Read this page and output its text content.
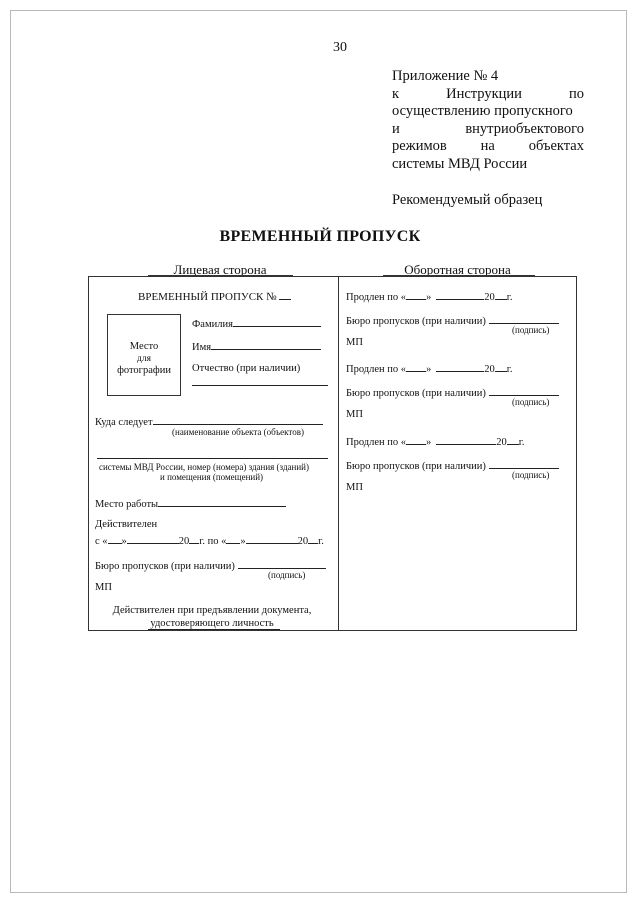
30
Приложение № 4
к	Инструкции	по
осуществлению пропускного
и	внутриобъектового
режимов на объектах
системы МВД России
Рекомендуемый образец
ВРЕМЕННЫЙ ПРОПУСК
Лицевая сторона	Оборотная сторона
ВРЕМЕННЫЙ ПРОПУСК №
Место
для
фотографии
Фамилия
Имя
Отчество (при наличии)
Куда следует
(наименование объекта (объектов)
системы МВД России, номер (номера) здания (зданий)
и помещения (помещений)
Место работы
Действителен
с « »	20 г. по « »	20 г.
Бюро пропусков (при наличии)
(подпись)
МП
Действителен при предъявлении документа,
удостоверяющего личность
Продлен по « »	20 г.
Бюро пропусков (при наличии)
(подпись)
МП
Продлен по « »	20 г.
Бюро пропусков (при наличии)
(подпись)
МП
Продлен по « »	20 г.
Бюро пропусков (при наличии)
(подпись)
МП
